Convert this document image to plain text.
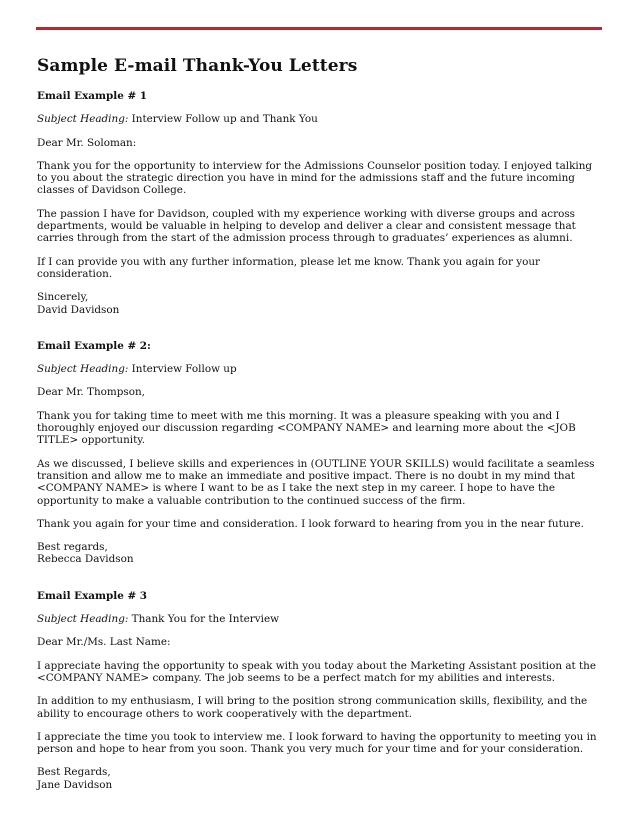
Sample E-mail Thank-You Letters

Email Example # 1

Subject Heading: Interview Follow up and Thank You

Dear Mr. Soloman:

Thank you for the opportunity to interview for the Admissions Counselor position today. I enjoyed talking to you about the strategic direction you have in mind for the admissions staff and the future incoming classes of Davidson College.

The passion I have for Davidson, coupled with my experience working with diverse groups and across departments, would be valuable in helping to develop and deliver a clear and consistent message that carries through from the start of the admission process through to graduates’ experiences as alumni.

If I can provide you with any further information, please let me know. Thank you again for your consideration.

Sincerely,

David Davidson

Email Example # 2:

Subject Heading: Interview Follow up

Dear Mr. Thompson,

Thank you for taking time to meet with me this morning. It was a pleasure speaking with you and I thoroughly enjoyed our discussion regarding <COMPANY NAME> and learning more about the <JOB TITLE> opportunity.

As we discussed, I believe skills and experiences in (OUTLINE YOUR SKILLS) would facilitate a seamless transition and allow me to make an immediate and positive impact. There is no doubt in my mind that <COMPANY NAME> is where I want to be as I take the next step in my career. I hope to have the opportunity to make a valuable contribution to the continued success of the firm.

Thank you again for your time and consideration. I look forward to hearing from you in the near future.

Best regards,

Rebecca Davidson

Email Example # 3

Subject Heading: Thank You for the Interview

Dear Mr./Ms. Last Name:

I appreciate having the opportunity to speak with you today about the Marketing Assistant position at the <COMPANY NAME> company. The job seems to be a perfect match for my abilities and interests.

In addition to my enthusiasm, I will bring to the position strong communication skills, flexibility, and the ability to encourage others to work cooperatively with the department.

I appreciate the time you took to interview me. I look forward to having the opportunity to meeting you in person and hope to hear from you soon. Thank you very much for your time and for your consideration.

Best Regards,

Jane Davidson
